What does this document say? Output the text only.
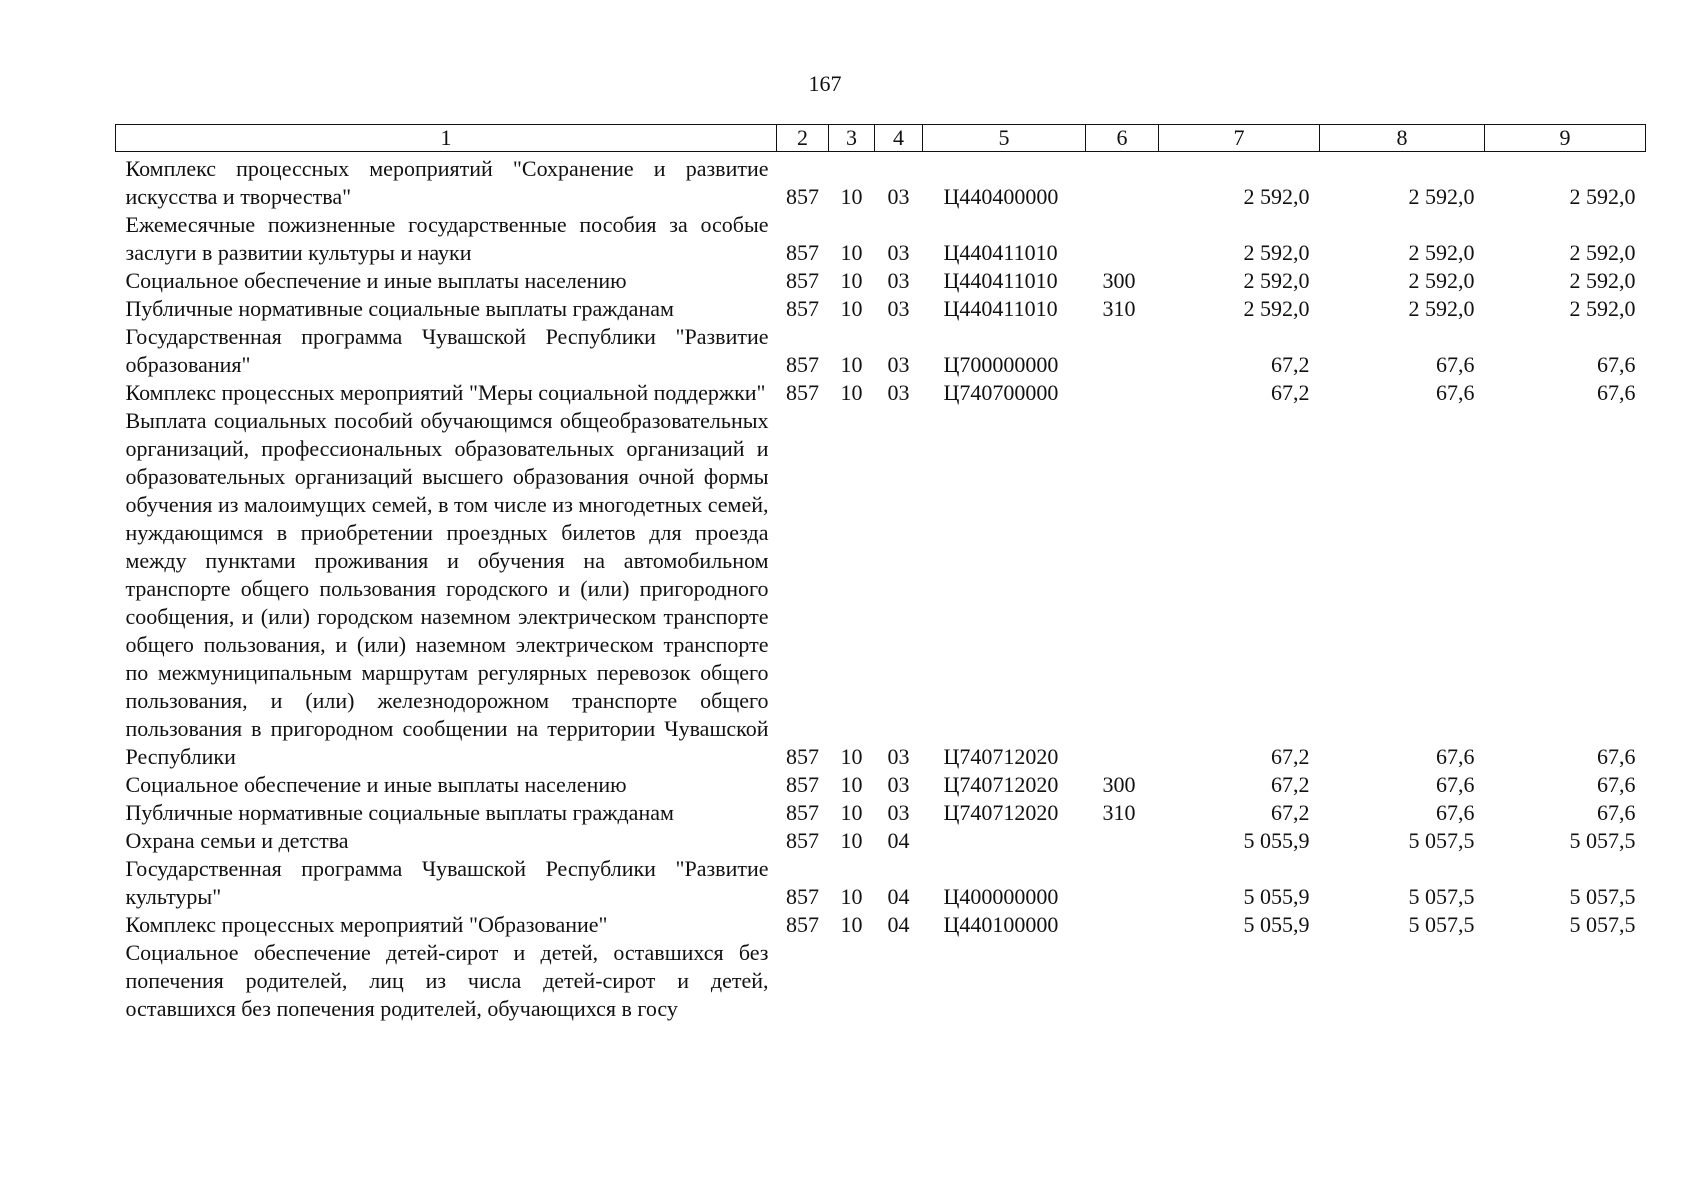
167
1	2	3	4	5	6	7	8	9
Комплекс процессных мероприятий "Сохранение и развитие искусства и творчества"	857	10	03	Ц440400000		2 592,0	2 592,0	2 592,0
Ежемесячные пожизненные государственные пособия за особые заслуги в развитии культуры и науки	857	10	03	Ц440411010		2 592,0	2 592,0	2 592,0
Социальное обеспечение и иные выплаты населению	857	10	03	Ц440411010	300	2 592,0	2 592,0	2 592,0
Публичные нормативные социальные выплаты гражданам	857	10	03	Ц440411010	310	2 592,0	2 592,0	2 592,0
Государственная программа Чувашской Республики "Развитие образования"	857	10	03	Ц700000000		67,2	67,6	67,6
Комплекс процессных мероприятий "Меры социальной поддержки"	857	10	03	Ц740700000		67,2	67,6	67,6
Выплата социальных пособий обучающимся общеобразовательных организаций, профессиональных образовательных организаций и образовательных организаций высшего образования очной формы обучения из малоимущих семей, в том числе из многодетных семей, нуждающимся в приобретении проездных билетов для проезда между пунктами проживания и обучения на автомобильном транспорте общего пользования городского и (или) пригородного сообщения, и (или) городском наземном электрическом транспорте общего пользования, и (или) наземном электрическом транспорте по межмуниципальным маршрутам регулярных перевозок общего пользования, и (или) железнодорожном транспорте общего пользования в пригородном сообщении на территории Чувашской Республики	857	10	03	Ц740712020		67,2	67,6	67,6
Социальное обеспечение и иные выплаты населению	857	10	03	Ц740712020	300	67,2	67,6	67,6
Публичные нормативные социальные выплаты гражданам	857	10	03	Ц740712020	310	67,2	67,6	67,6
Охрана семьи и детства	857	10	04			5 055,9	5 057,5	5 057,5
Государственная программа Чувашской Республики "Развитие культуры"	857	10	04	Ц400000000		5 055,9	5 057,5	5 057,5
Комплекс процессных мероприятий "Образование"	857	10	04	Ц440100000		5 055,9	5 057,5	5 057,5
Социальное обеспечение детей-сирот и детей, оставшихся без попечения родителей, лиц из числа детей-сирот и детей, оставшихся без попечения родителей, обучающихся в госу								
